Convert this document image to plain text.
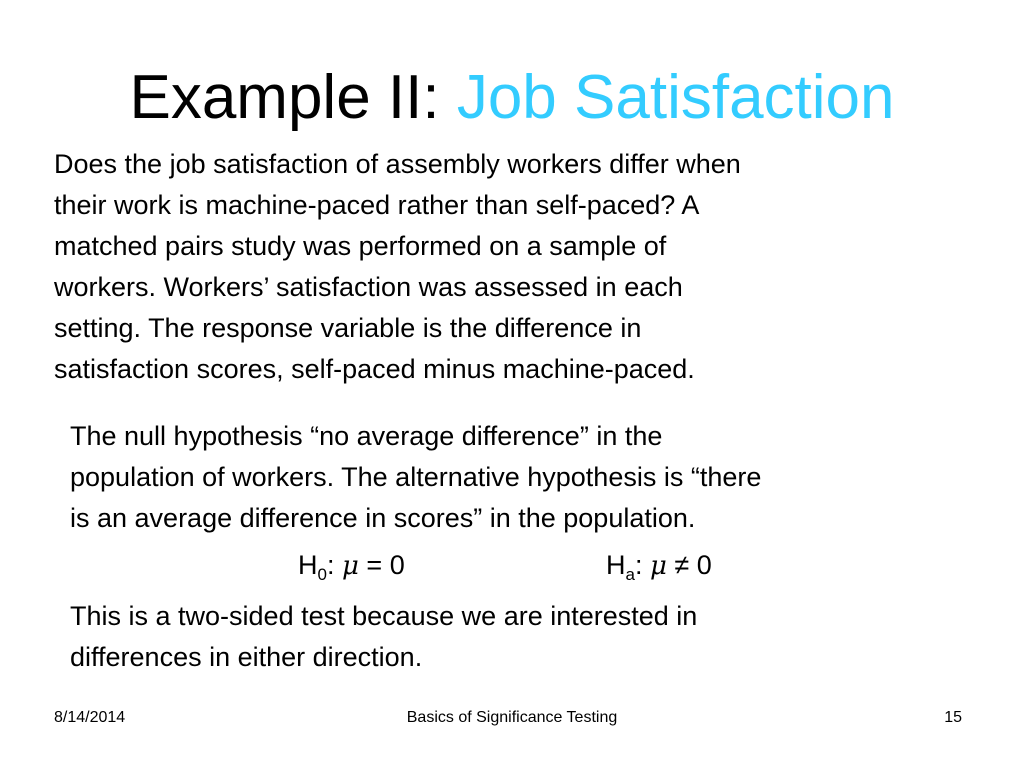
Example II: Job Satisfaction
Does the job satisfaction of assembly workers differ when
their work is machine-paced rather than self-paced? A
matched pairs study was performed on a sample of
workers. Workers’ satisfaction was assessed in each
setting. The response variable is the difference in
satisfaction scores, self-paced minus machine-paced.
The null hypothesis “no average difference” in the
population of workers. The alternative hypothesis is “there
is an average difference in scores” in the population.
$H_0$: μ = 0	$H_a$: μ ≠ 0
This is a two-sided test because we are interested in
differences in either direction.
8/14/2014	Basics of Significance Testing	15
